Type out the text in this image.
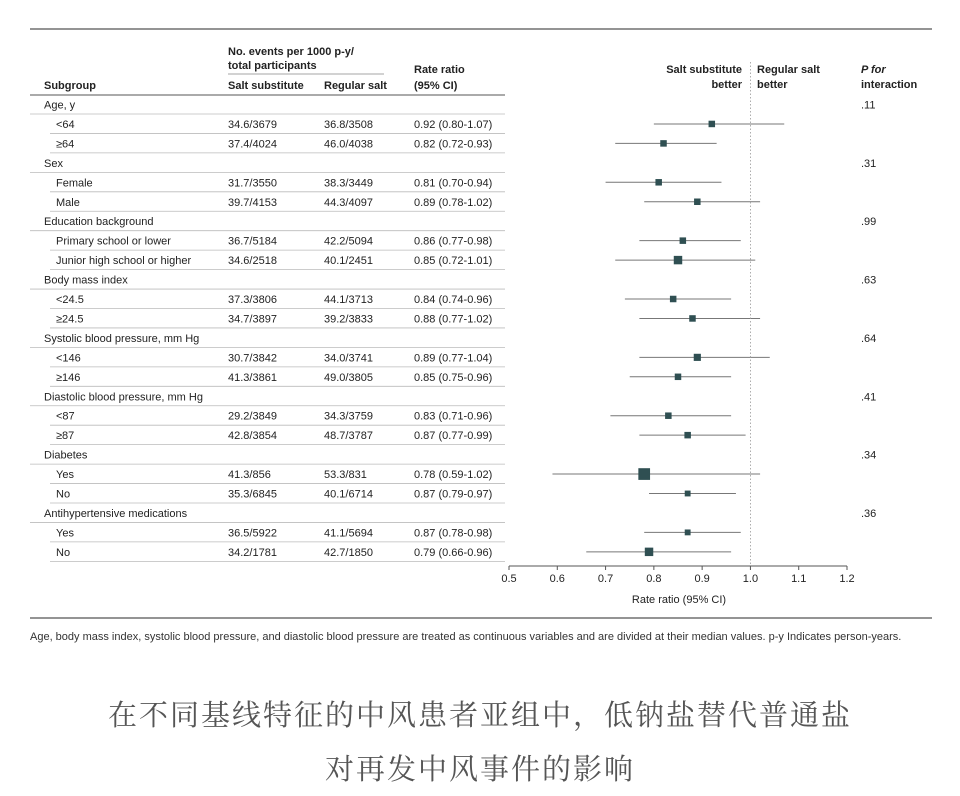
No. events per 1000 p-y/
total participants
Subgroup	Salt substitute Regular salt
Rate ratio
(95% CI)
Salt substitute
better
Regular salt
better
P for
interaction
Age, y	.11
<64	34.6/3679	36.8/3508	0.92 (0.80-1.07)
≥64	37.4/4024	46.0/4038	0.82 (0.72-0.93)
Sex	.31
Female	31.7/3550	38.3/3449	0.81 (0.70-0.94)
Male	39.7/4153	44.3/4097	0.89 (0.78-1.02)
Education background	.99
Primary school or lower	36.7/5184	42.2/5094	0.86 (0.77-0.98)
Junior high school or higher	34.6/2518	40.1/2451	0.85 (0.72-1.01)
Body mass index	.63
<24.5	37.3/3806	44.1/3713	0.84 (0.74-0.96)
≥24.5	34.7/3897	39.2/3833	0.88 (0.77-1.02)
Systolic blood pressure, mm Hg	.64
<146	30.7/3842	34.0/3741	0.89 (0.77-1.04)
≥146	41.3/3861	49.0/3805	0.85 (0.75-0.96)
Diastolic blood pressure, mm Hg	.41
<87	29.2/3849	34.3/3759	0.83 (0.71-0.96)
≥87	42.8/3854	48.7/3787	0.87 (0.77-0.99)
Diabetes	.34
Yes	41.3/856	53.3/831	0.78 (0.59-1.02)
No	35.3/6845	40.1/6714	0.87 (0.79-0.97)
Antihypertensive medications	.36
Yes	36.5/5922	41.1/5694	0.87 (0.78-0.98)
No	34.2/1781	42.7/1850	0.79 (0.66-0.96)
0.5	0.6	0.7	0.8	0.9	1.0	1.1	1.2
Rate ratio (95% CI)
Age, body mass index, systolic blood pressure, and diastolic blood pressure are treated as continuous variables and are divided at their median values. p-y Indicates person-years.
在不同基线特征的中风患者亚组中，低钠盐替代普通盐
对再发中风事件的影响
